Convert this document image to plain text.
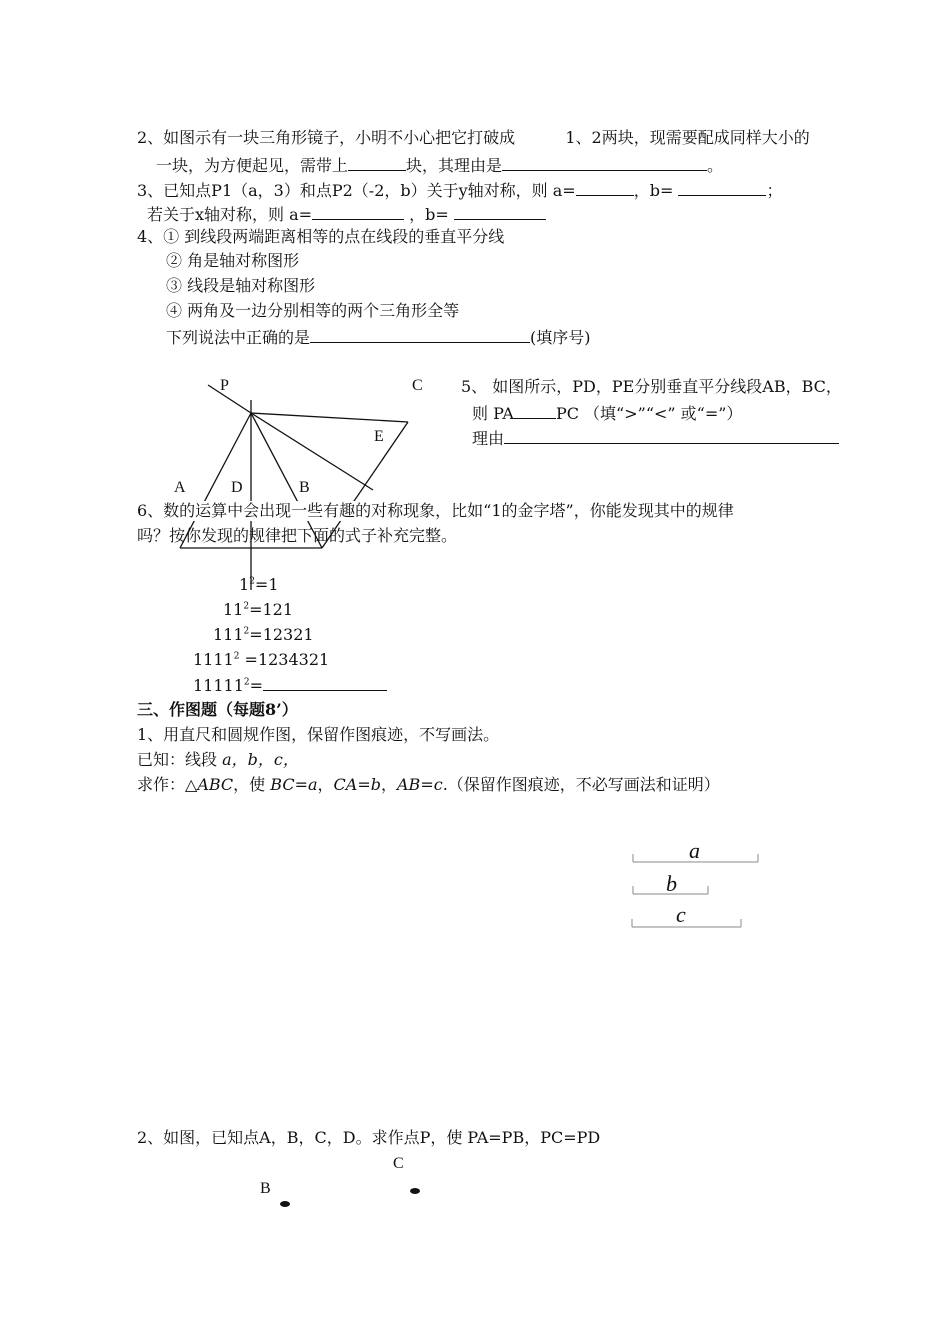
2、如图示有一块三角形镜子，小明不小心把它打破成	1、2两块，现需要配成同样大小的
一块，为方便起见，需带上	块，其理由是	。
3、已知点P1（a，3）和点P2（-2，b）关于y轴对称，则 a=	，b=	；
若关于x轴对称，则 a=	，b=
4、① 到线段两端距离相等的点在线段的垂直平分线
② 角是轴对称图形
③ 线段是轴对称图形
④ 两角及一边分别相等的两个三角形全等
下列说法中正确的是	(填序号)
5、 如图所示，PD，PE分别垂直平分线段AB，BC，
则 PA	PC （填“>”“<” 或“=”）
理由
P	C
E
A	D	B
a
b
c
B
C
6、数的运算中会出现一些有趣的对称现象，比如“1的金字塔”，你能发现其中的规律
吗？按你发现的规律把下面的式子补充完整。
$1^2=1$
$11^2=121$
$111^2=12321$
$1111^2 =1234321$
$11111^2=$
三、作图题（每题8’）
1、用直尺和圆规作图，保留作图痕迹，不写画法。
已知：线段 a，b，c，
求作：△ABC，使 BC=a，CA=b，AB=c.（保留作图痕迹，不必写画法和证明）
2、如图，已知点A，B，C，D。求作点P，使 PA=PB，PC=PD
